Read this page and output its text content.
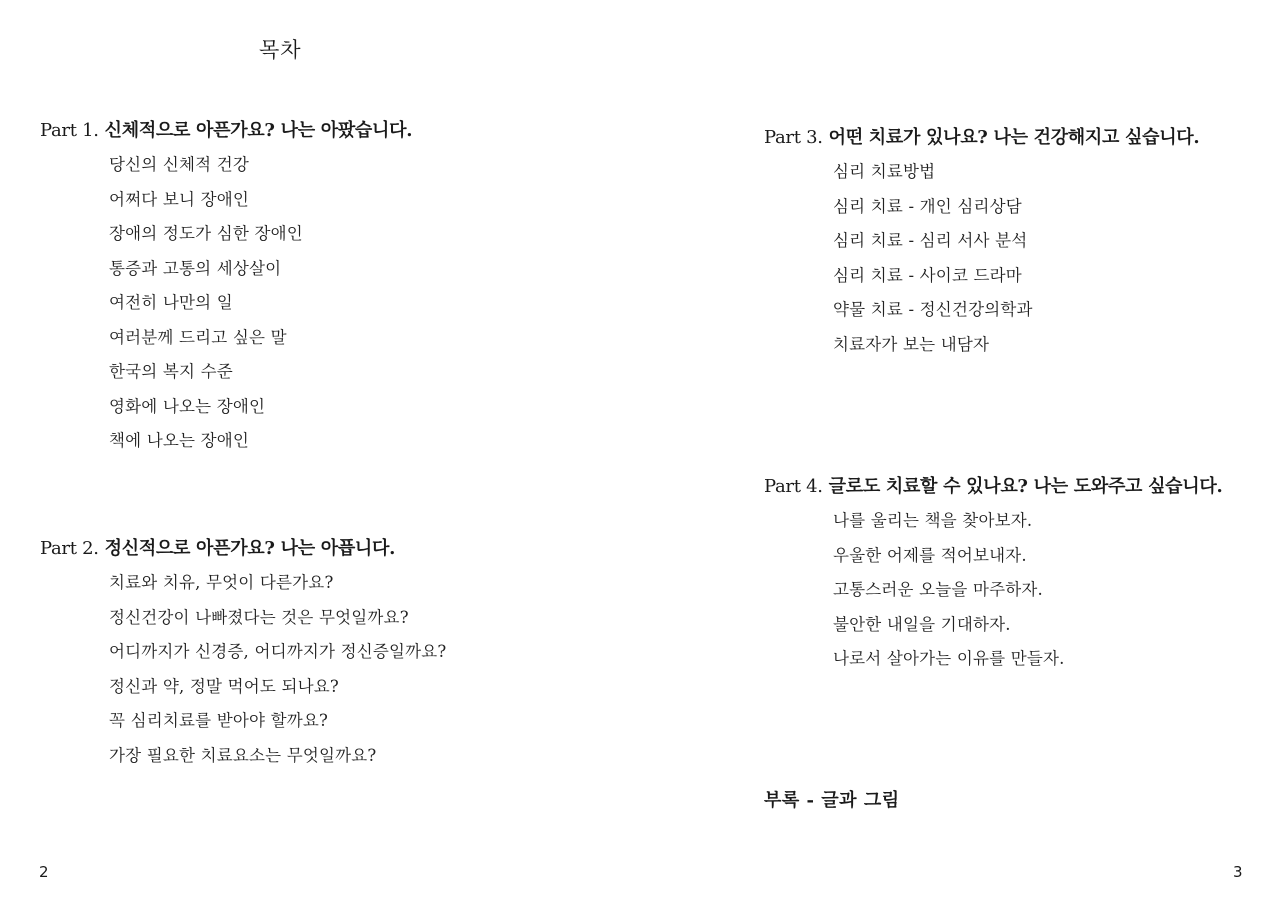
목차
Part 1. 신체적으로 아픈가요? 나는 아팠습니다.
당신의 신체적 건강
어쩌다 보니 장애인
장애의 정도가 심한 장애인
통증과 고통의 세상살이
여전히 나만의 일
여러분께 드리고 싶은 말
한국의 복지 수준
영화에 나오는 장애인
책에 나오는 장애인
Part 2. 정신적으로 아픈가요? 나는 아픕니다.
치료와 치유, 무엇이 다른가요?
정신건강이 나빠졌다는 것은 무엇일까요?
어디까지가 신경증, 어디까지가 정신증일까요?
정신과 약, 정말 먹어도 되나요?
꼭 심리치료를 받아야 할까요?
가장 필요한 치료요소는 무엇일까요?
2
Part 3. 어떤 치료가 있나요? 나는 건강해지고 싶습니다.
심리 치료방법
심리 치료 - 개인 심리상담
심리 치료 - 심리 서사 분석
심리 치료 - 사이코 드라마
약물 치료 - 정신건강의학과
치료자가 보는 내담자
Part 4. 글로도 치료할 수 있나요? 나는 도와주고 싶습니다.
나를 울리는 책을 찾아보자.
우울한 어제를 적어보내자.
고통스러운 오늘을 마주하자.
불안한 내일을 기대하자.
나로서 살아가는 이유를 만들자.
부록 - 글과 그림
3
